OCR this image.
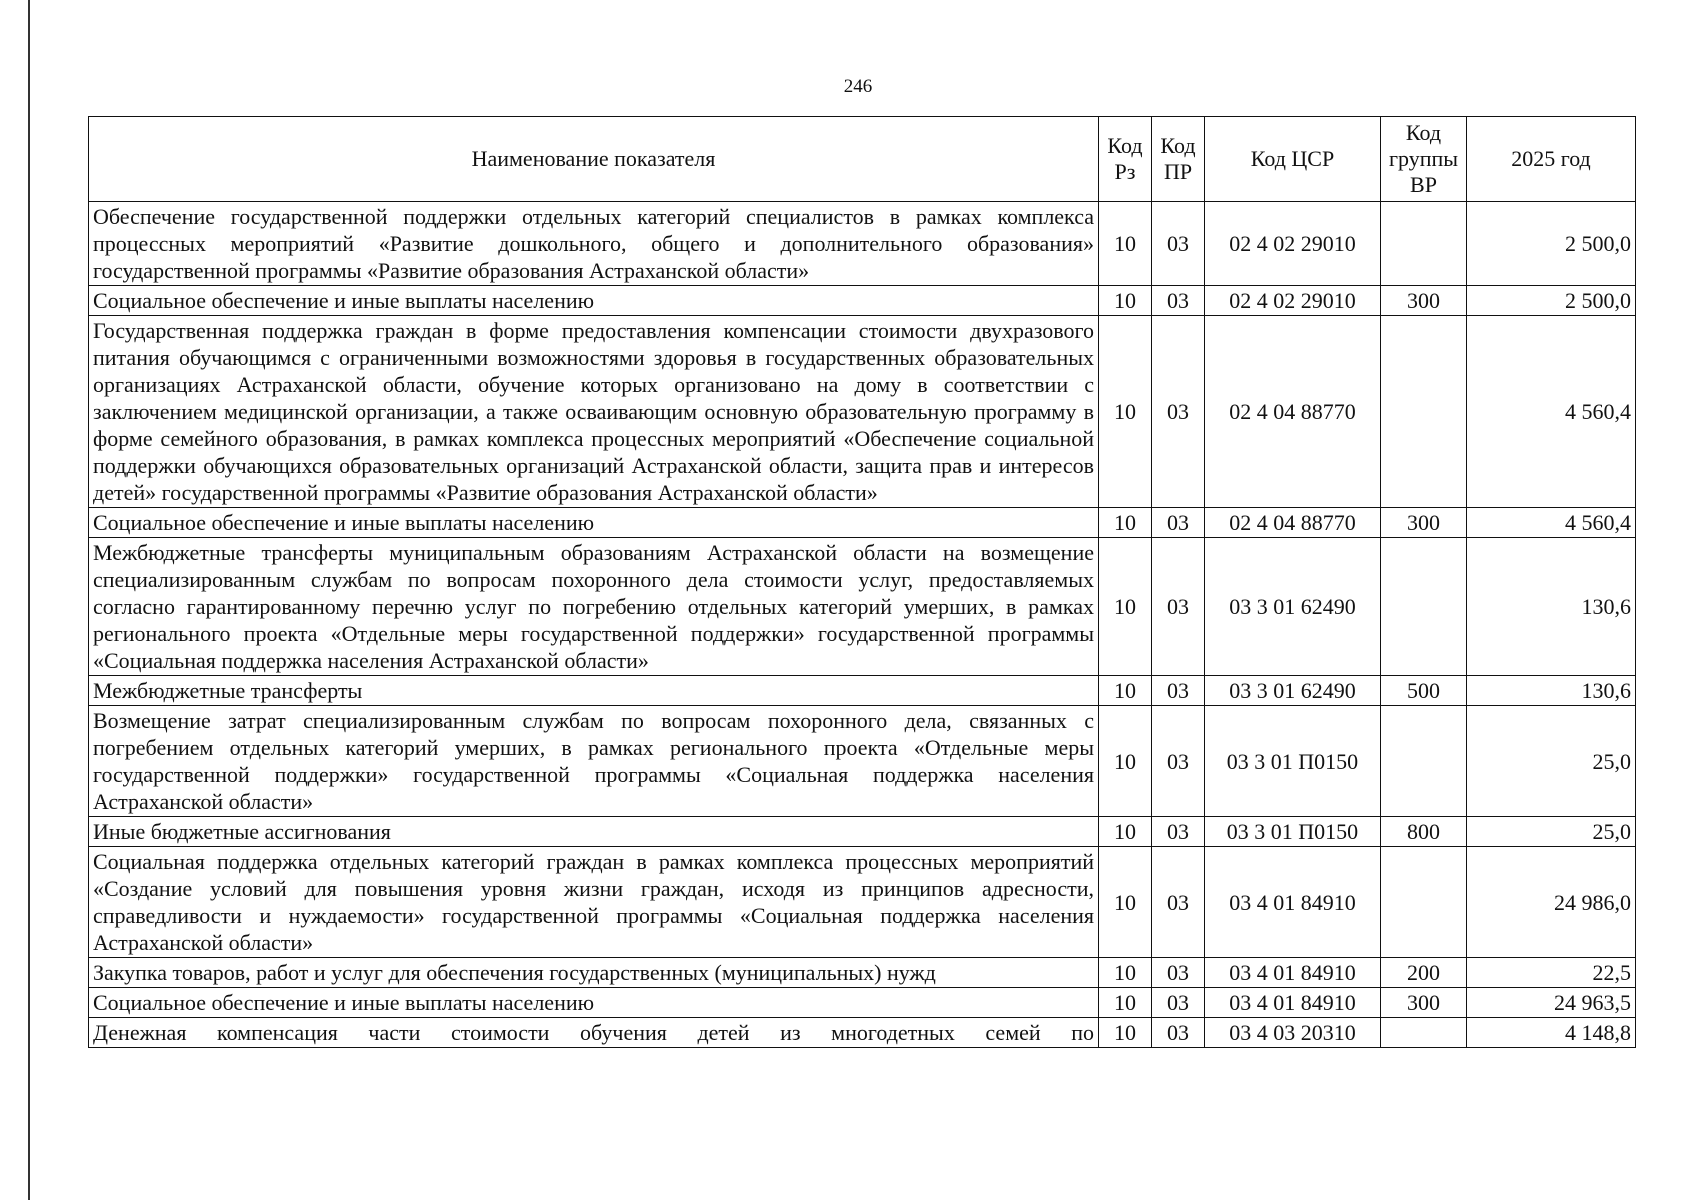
246
Наименование показателя	Код Рз	Код ПР	Код ЦСР	Код группы ВР	2025 год
Обеспечение государственной поддержки отдельных категорий специалистов в рамках комплекса процессных мероприятий «Развитие дошкольного, общего и дополнительного образования» государственной программы «Развитие образования Астраханской области»	10	03	02 4 02 29010		2 500,0
Социальное обеспечение и иные выплаты населению	10	03	02 4 02 29010	300	2 500,0
Государственная поддержка граждан в форме предоставления компенсации стоимости двухразового питания обучающимся с ограниченными возможностями здоровья в государственных образовательных организациях Астраханской области, обучение которых организовано на дому в соответствии с заключением медицинской организации, а также осваивающим основную образовательную программу в форме семейного образования, в рамках комплекса процессных мероприятий «Обеспечение социальной поддержки обучающихся образовательных организаций Астраханской области, защита прав и интересов детей» государственной программы «Развитие образования Астраханской области»	10	03	02 4 04 88770		4 560,4
Социальное обеспечение и иные выплаты населению	10	03	02 4 04 88770	300	4 560,4
Межбюджетные трансферты муниципальным образованиям Астраханской области на возмещение специализированным службам по вопросам похоронного дела стоимости услуг, предоставляемых согласно гарантированному перечню услуг по погребению отдельных категорий умерших, в рамках регионального проекта «Отдельные меры государственной поддержки» государственной программы «Социальная поддержка населения Астраханской области»	10	03	03 3 01 62490		130,6
Межбюджетные трансферты	10	03	03 3 01 62490	500	130,6
Возмещение затрат специализированным службам по вопросам похоронного дела, связанных с погребением отдельных категорий умерших, в рамках регионального проекта «Отдельные меры государственной поддержки» государственной программы «Социальная поддержка населения Астраханской области»	10	03	03 3 01 П0150		25,0
Иные бюджетные ассигнования	10	03	03 3 01 П0150	800	25,0
Социальная поддержка отдельных категорий граждан в рамках комплекса процессных мероприятий «Создание условий для повышения уровня жизни граждан, исходя из принципов адресности, справедливости и нуждаемости» государственной программы «Социальная поддержка населения Астраханской области»	10	03	03 4 01 84910		24 986,0
Закупка товаров, работ и услуг для обеспечения государственных (муниципальных) нужд	10	03	03 4 01 84910	200	22,5
Социальное обеспечение и иные выплаты населению	10	03	03 4 01 84910	300	24 963,5
Денежная компенсация части стоимости обучения детей из многодетных семей по	10	03	03 4 03 20310		4 148,8
